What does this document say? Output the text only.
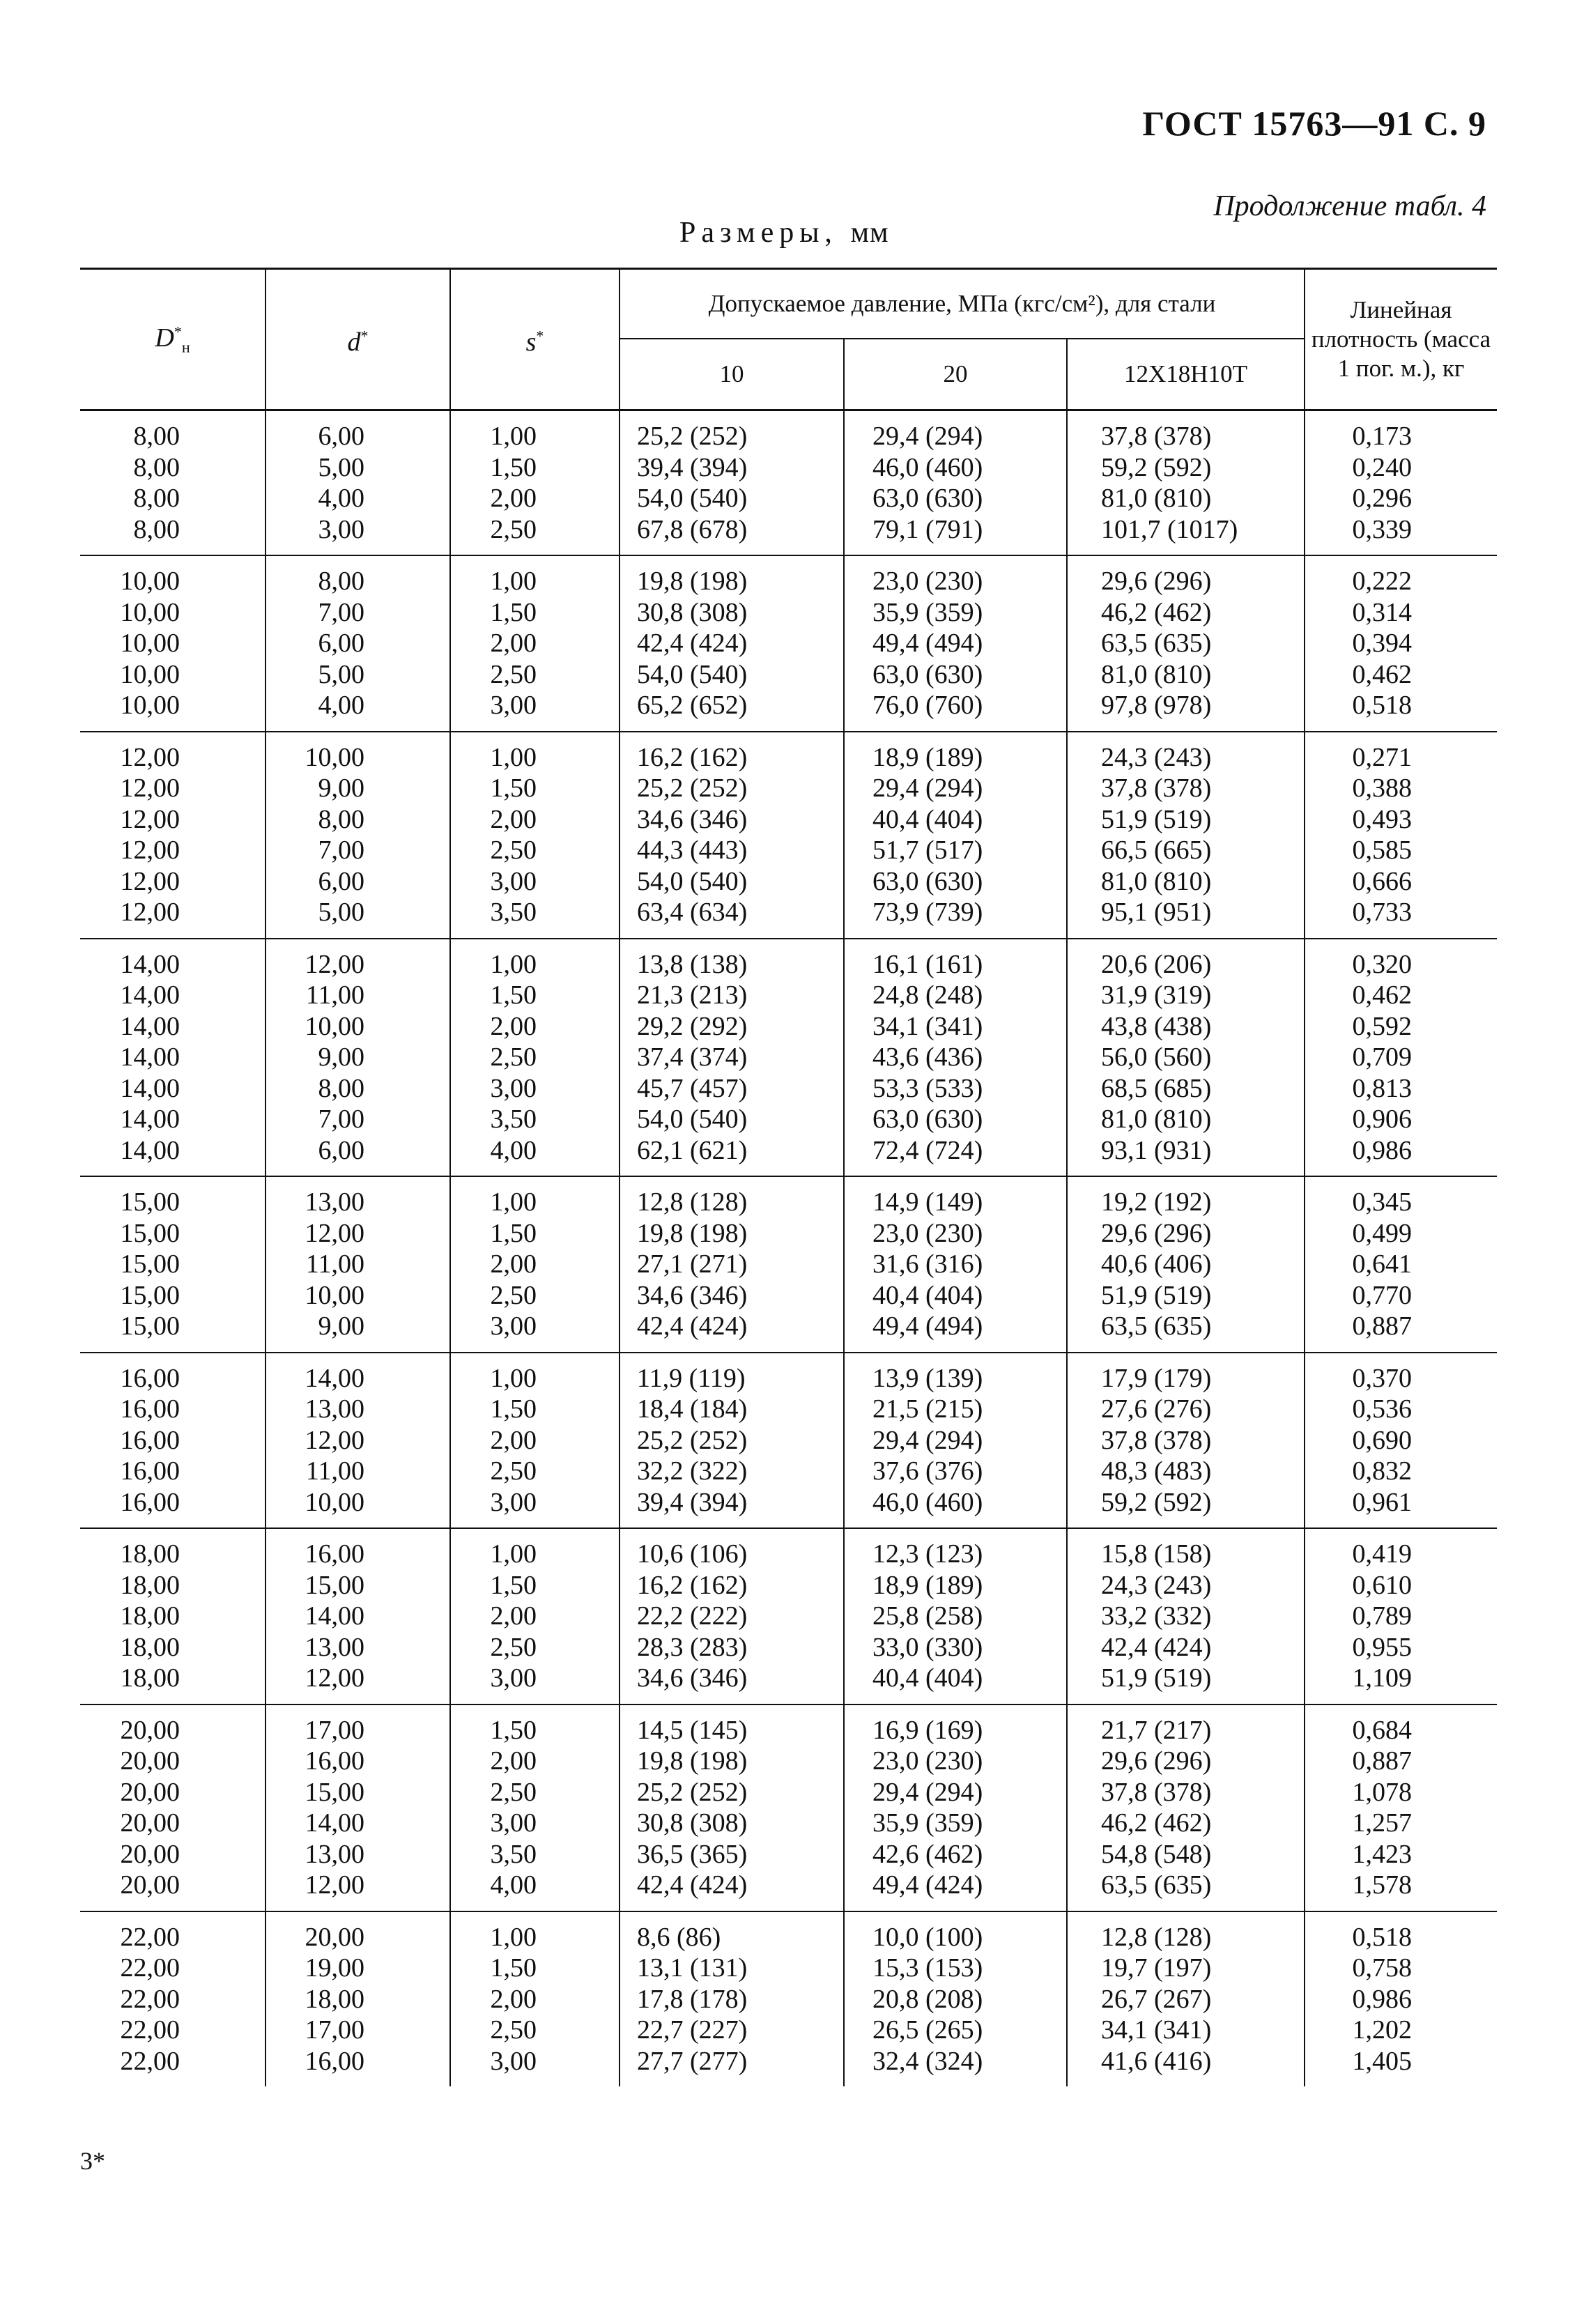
ГОСТ 15763—91 С. 9
Продолжение табл. 4
Размеры, мм
$D^*_н$	d*	s*	Допускаемое давление, МПа (кгс/см²), для стали			Линейная плотность (масса 1 пог. м.), кг
			10	20	12Х18Н10Т	
8,00	6,00	1,00	25,2 (252)	29,4 (294)	37,8 (378)	0,173
8,00	5,00	1,50	39,4 (394)	46,0 (460)	59,2 (592)	0,240
8,00	4,00	2,00	54,0 (540)	63,0 (630)	81,0 (810)	0,296
8,00	3,00	2,50	67,8 (678)	79,1 (791)	101,7 (1017)	0,339
10,00	8,00	1,00	19,8 (198)	23,0 (230)	29,6 (296)	0,222
10,00	7,00	1,50	30,8 (308)	35,9 (359)	46,2 (462)	0,314
10,00	6,00	2,00	42,4 (424)	49,4 (494)	63,5 (635)	0,394
10,00	5,00	2,50	54,0 (540)	63,0 (630)	81,0 (810)	0,462
10,00	4,00	3,00	65,2 (652)	76,0 (760)	97,8 (978)	0,518
12,00	10,00	1,00	16,2 (162)	18,9 (189)	24,3 (243)	0,271
12,00	9,00	1,50	25,2 (252)	29,4 (294)	37,8 (378)	0,388
12,00	8,00	2,00	34,6 (346)	40,4 (404)	51,9 (519)	0,493
12,00	7,00	2,50	44,3 (443)	51,7 (517)	66,5 (665)	0,585
12,00	6,00	3,00	54,0 (540)	63,0 (630)	81,0 (810)	0,666
12,00	5,00	3,50	63,4 (634)	73,9 (739)	95,1 (951)	0,733
14,00	12,00	1,00	13,8 (138)	16,1 (161)	20,6 (206)	0,320
14,00	11,00	1,50	21,3 (213)	24,8 (248)	31,9 (319)	0,462
14,00	10,00	2,00	29,2 (292)	34,1 (341)	43,8 (438)	0,592
14,00	9,00	2,50	37,4 (374)	43,6 (436)	56,0 (560)	0,709
14,00	8,00	3,00	45,7 (457)	53,3 (533)	68,5 (685)	0,813
14,00	7,00	3,50	54,0 (540)	63,0 (630)	81,0 (810)	0,906
14,00	6,00	4,00	62,1 (621)	72,4 (724)	93,1 (931)	0,986
15,00	13,00	1,00	12,8 (128)	14,9 (149)	19,2 (192)	0,345
15,00	12,00	1,50	19,8 (198)	23,0 (230)	29,6 (296)	0,499
15,00	11,00	2,00	27,1 (271)	31,6 (316)	40,6 (406)	0,641
15,00	10,00	2,50	34,6 (346)	40,4 (404)	51,9 (519)	0,770
15,00	9,00	3,00	42,4 (424)	49,4 (494)	63,5 (635)	0,887
16,00	14,00	1,00	11,9 (119)	13,9 (139)	17,9 (179)	0,370
16,00	13,00	1,50	18,4 (184)	21,5 (215)	27,6 (276)	0,536
16,00	12,00	2,00	25,2 (252)	29,4 (294)	37,8 (378)	0,690
16,00	11,00	2,50	32,2 (322)	37,6 (376)	48,3 (483)	0,832
16,00	10,00	3,00	39,4 (394)	46,0 (460)	59,2 (592)	0,961
18,00	16,00	1,00	10,6 (106)	12,3 (123)	15,8 (158)	0,419
18,00	15,00	1,50	16,2 (162)	18,9 (189)	24,3 (243)	0,610
18,00	14,00	2,00	22,2 (222)	25,8 (258)	33,2 (332)	0,789
18,00	13,00	2,50	28,3 (283)	33,0 (330)	42,4 (424)	0,955
18,00	12,00	3,00	34,6 (346)	40,4 (404)	51,9 (519)	1,109
20,00	17,00	1,50	14,5 (145)	16,9 (169)	21,7 (217)	0,684
20,00	16,00	2,00	19,8 (198)	23,0 (230)	29,6 (296)	0,887
20,00	15,00	2,50	25,2 (252)	29,4 (294)	37,8 (378)	1,078
20,00	14,00	3,00	30,8 (308)	35,9 (359)	46,2 (462)	1,257
20,00	13,00	3,50	36,5 (365)	42,6 (462)	54,8 (548)	1,423
20,00	12,00	4,00	42,4 (424)	49,4 (424)	63,5 (635)	1,578
22,00	20,00	1,00	8,6 (86)	10,0 (100)	12,8 (128)	0,518
22,00	19,00	1,50	13,1 (131)	15,3 (153)	19,7 (197)	0,758
22,00	18,00	2,00	17,8 (178)	20,8 (208)	26,7 (267)	0,986
22,00	17,00	2,50	22,7 (227)	26,5 (265)	34,1 (341)	1,202
22,00	16,00	3,00	27,7 (277)	32,4 (324)	41,6 (416)	1,405
3*
